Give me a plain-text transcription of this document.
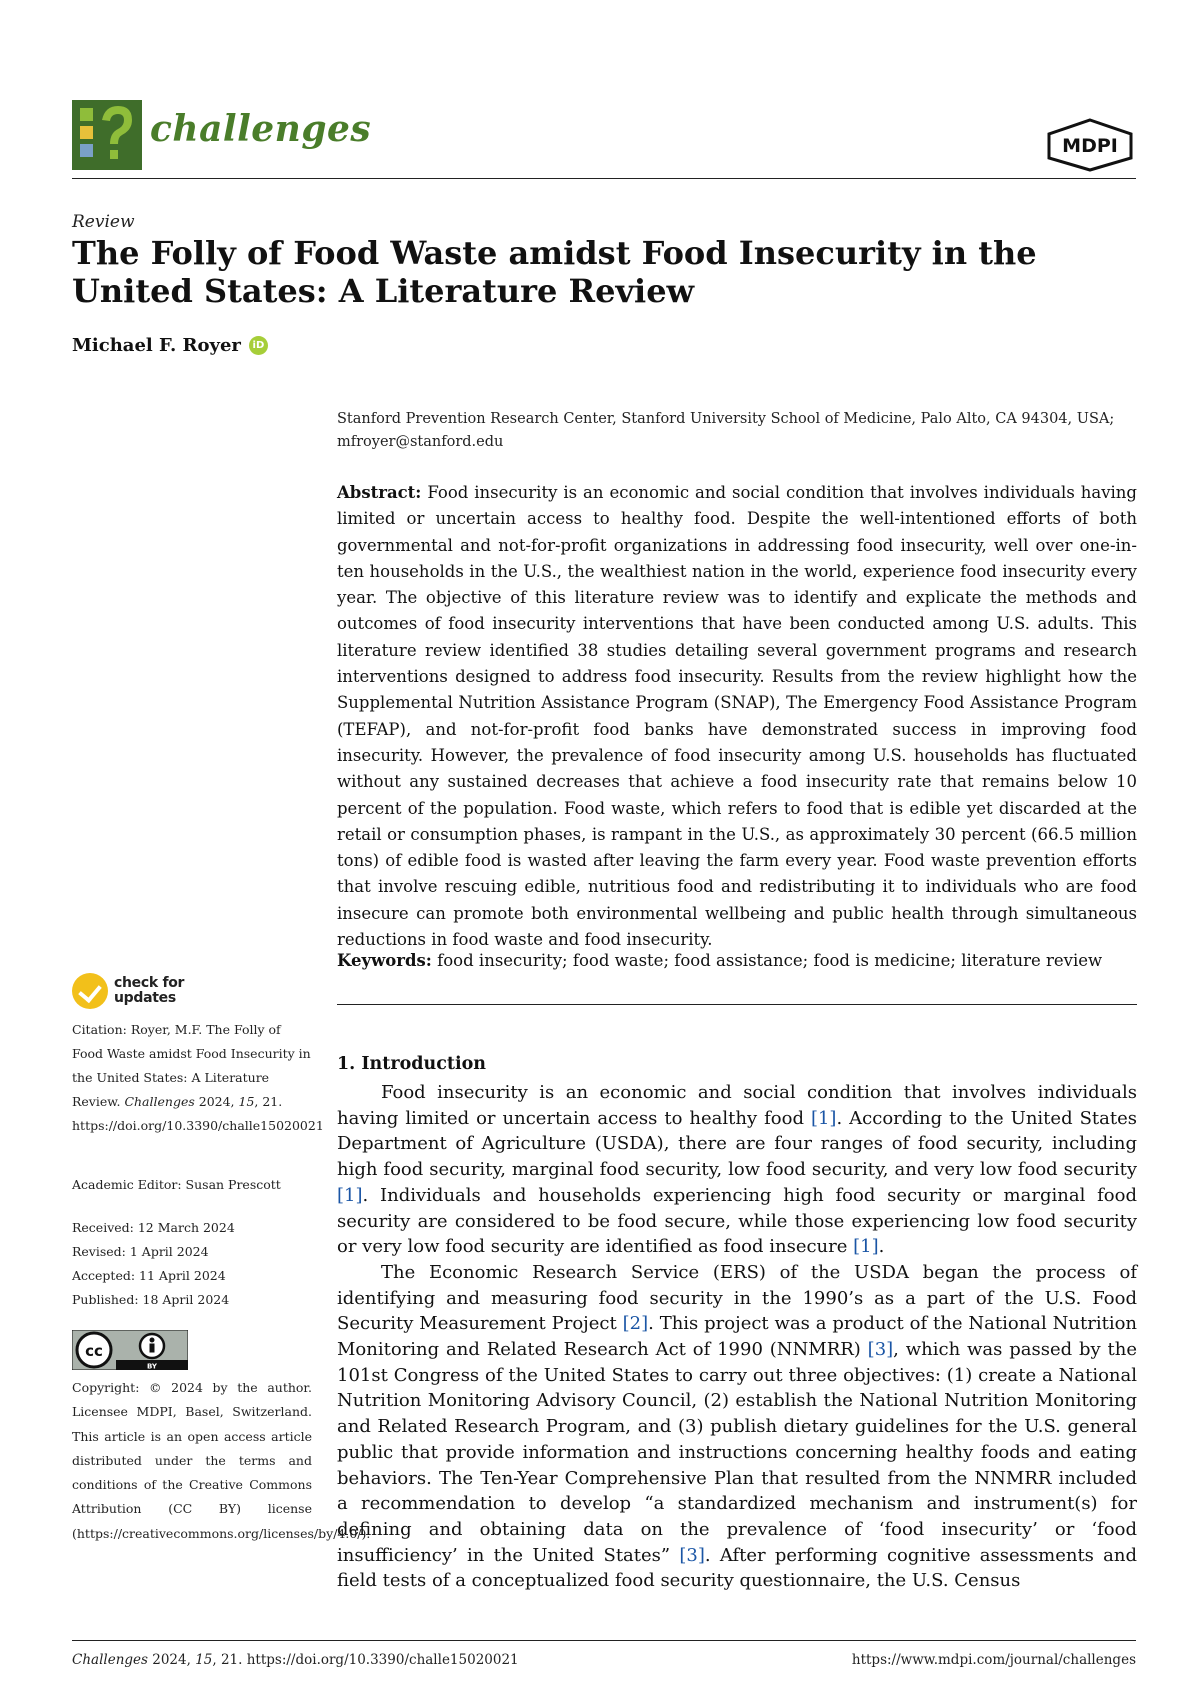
challenges	MDPI
Review
The Folly of Food Waste amidst Food Insecurity in the United States: A Literature Review
Michael F. Royer	iD
Stanford Prevention Research Center, Stanford University School of Medicine, Palo Alto, CA 94304, USA; mfroyer@stanford.edu
Abstract: Food insecurity is an economic and social condition that involves individuals having limited or uncertain access to healthy food. Despite the well-intentioned efforts of both governmental and not-for-profit organizations in addressing food insecurity, well over one-in-ten households in the U.S., the wealthiest nation in the world, experience food insecurity every year. The objective of this literature review was to identify and explicate the methods and outcomes of food insecurity interventions that have been conducted among U.S. adults. This literature review identified 38 studies detailing several government programs and research interventions designed to address food insecurity. Results from the review highlight how the Supplemental Nutrition Assistance Program (SNAP), The Emergency Food Assistance Program (TEFAP), and not-for-profit food banks have demonstrated success in improving food insecurity. However, the prevalence of food insecurity among U.S. households has fluctuated without any sustained decreases that achieve a food insecurity rate that remains below 10 percent of the population. Food waste, which refers to food that is edible yet discarded at the retail or consumption phases, is rampant in the U.S., as approximately 30 percent (66.5 million tons) of edible food is wasted after leaving the farm every year. Food waste prevention efforts that involve rescuing edible, nutritious food and redistributing it to individuals who are food insecure can promote both environmental wellbeing and public health through simultaneous reductions in food waste and food insecurity.
Keywords: food insecurity; food waste; food assistance; food is medicine; literature review
check for
updates
Citation: Royer, M.F. The Folly of Food Waste amidst Food Insecurity in the United States: A Literature Review. Challenges 2024, 15, 21. https://doi.org/10.3390/challe15020021
Academic Editor: Susan Prescott
Received: 12 March 2024
Revised: 1 April 2024
Accepted: 11 April 2024
Published: 18 April 2024
cc
BY
Copyright: © 2024 by the author. Licensee MDPI, Basel, Switzerland. This article is an open access article distributed under the terms and conditions of the Creative Commons Attribution (CC BY) license (https://creativecommons.org/licenses/by/4.0/).
1. Introduction

Food insecurity is an economic and social condition that involves individuals having limited or uncertain access to healthy food [1]. According to the United States Department of Agriculture (USDA), there are four ranges of food security, including high food security, marginal food security, low food security, and very low food security [1]. Individuals and households experiencing high food security or marginal food security are considered to be food secure, while those experiencing low food security or very low food security are identified as food insecure [1].

The Economic Research Service (ERS) of the USDA began the process of identifying and measuring food security in the 1990’s as a part of the U.S. Food Security Measurement Project [2]. This project was a product of the National Nutrition Monitoring and Related Research Act of 1990 (NNMRR) [3], which was passed by the 101st Congress of the United States to carry out three objectives: (1) create a National Nutrition Monitoring Advisory Council, (2) establish the National Nutrition Monitoring and Related Research Program, and (3) publish dietary guidelines for the U.S. general public that provide information and instructions concerning healthy foods and eating behaviors. The Ten-Year Comprehensive Plan that resulted from the NNMRR included a recommendation to develop “a standardized mechanism and instrument(s) for defining and obtaining data on the prevalence of ‘food insecurity’ or ‘food insufficiency’ in the United States” [3]. After performing cognitive assessments and field tests of a conceptualized food security questionnaire, the U.S. Census

Challenges 2024, 15, 21. https://doi.org/10.3390/challe15020021	https://www.mdpi.com/journal/challenges
